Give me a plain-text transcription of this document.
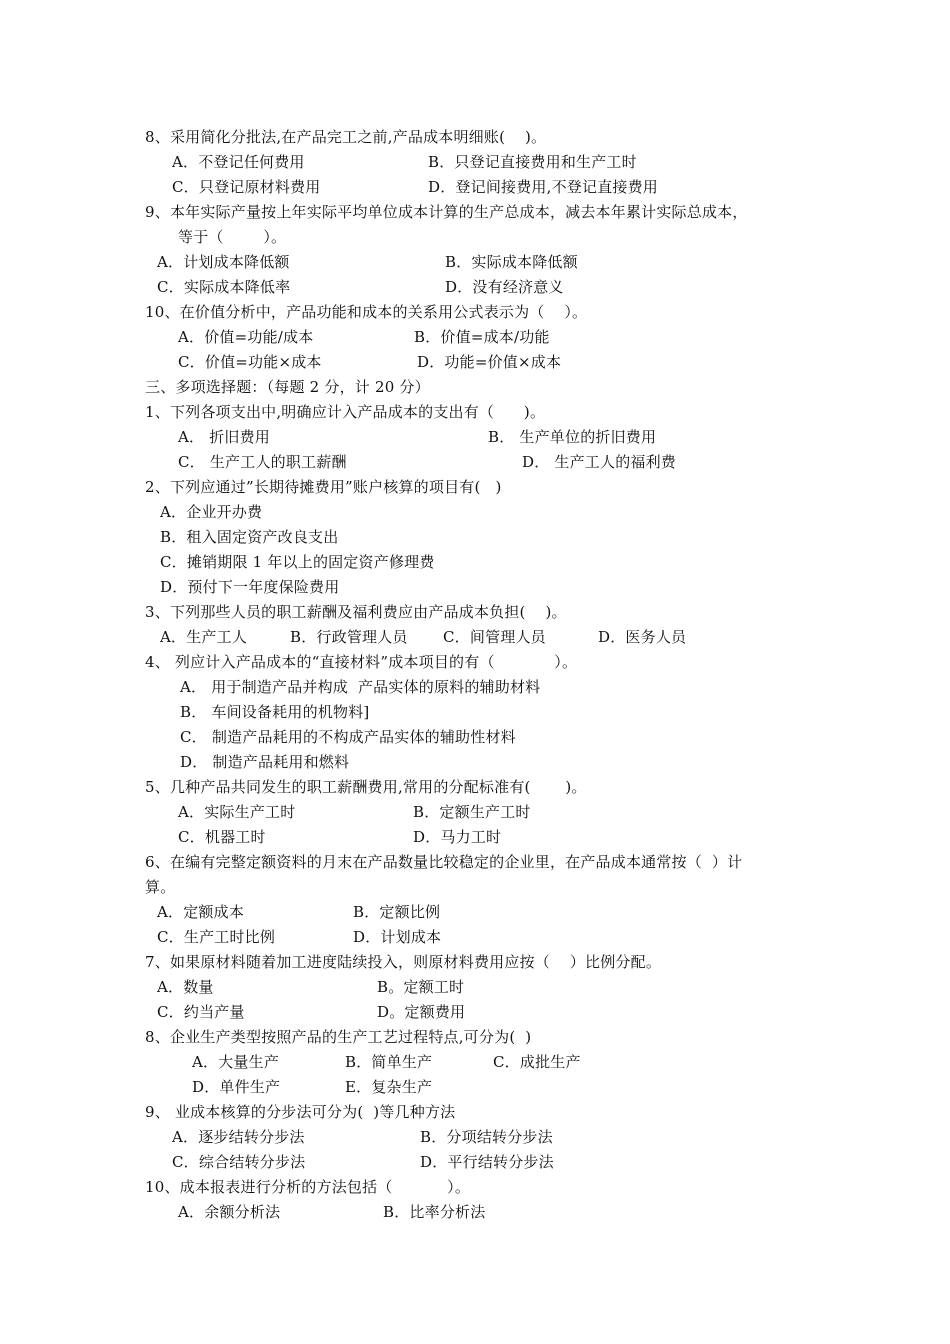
8、采用简化分批法,在产品完工之前,产品成本明细账(    )。
A．不登记任何费用	B．只登记直接费用和生产工时
C．只登记原材料费用	D．登记间接费用,不登记直接费用
9、本年实际产量按上年实际平均单位成本计算的生产总成本，减去本年累计实际总成本，
等于（        ）。
A．计划成本降低额	B．实际成本降低额
C．实际成本降低率	D．没有经济意义
10、在价值分析中，产品功能和成本的关系用公式表示为（    ）。
A．价值=功能/成本	B．价值=成本/功能
C．价值=功能×成本	D．功能=价值×成本
三、多项选择题：（每题 2 分，计 20 分）
1、下列各项支出中,明确应计入产品成本的支出有（      )。
A． 折旧费用	B． 生产单位的折旧费用
C． 生产工人的职工薪酬	D． 生产工人的福利费
2、下列应通过”长期待摊费用”账户核算的项目有(   )
A．企业开办费
B．租入固定资产改良支出
C．摊销期限 1 年以上的固定资产修理费
D．预付下一年度保险费用
3、下列那些人员的职工薪酬及福利费应由产品成本负担(    )。
A．生产工人	B．行政管理人员 C．间管理人员	D．医务人员
4、 列应计入产品成本的“直接材料”成本项目的有（            ）。
A． 用于制造产品并构成  产品实体的原料的辅助材料
B． 车间设备耗用的机物料]
C． 制造产品耗用的不构成产品实体的辅助性材料
D． 制造产品耗用和燃料
5、几种产品共同发生的职工薪酬费用,常用的分配标准有(       )。
A．实际生产工时	B．定额生产工时
C．机器工时	D．马力工时
6、在编有完整定额资料的月末在产品数量比较稳定的企业里，在产品成本通常按（  ）计
算。
A．定额成本	B．定额比例
C．生产工时比例	D．计划成本
7、如果原材料随着加工进度陆续投入，则原材料费用应按（    ）比例分配。
A．数量	B。定额工时
C．约当产量	D。定额费用
8、企业生产类型按照产品的生产工艺过程特点,可分为(  )
A．大量生产	B．简单生产	C．成批生产
D．单件生产	E．复杂生产
9、 业成本核算的分步法可分为(  )等几种方法
A．逐步结转分步法	B．分项结转分步法
C．综合结转分步法	D．平行结转分步法
10、成本报表进行分析的方法包括（           ）。
A．余额分析法	B．比率分析法
